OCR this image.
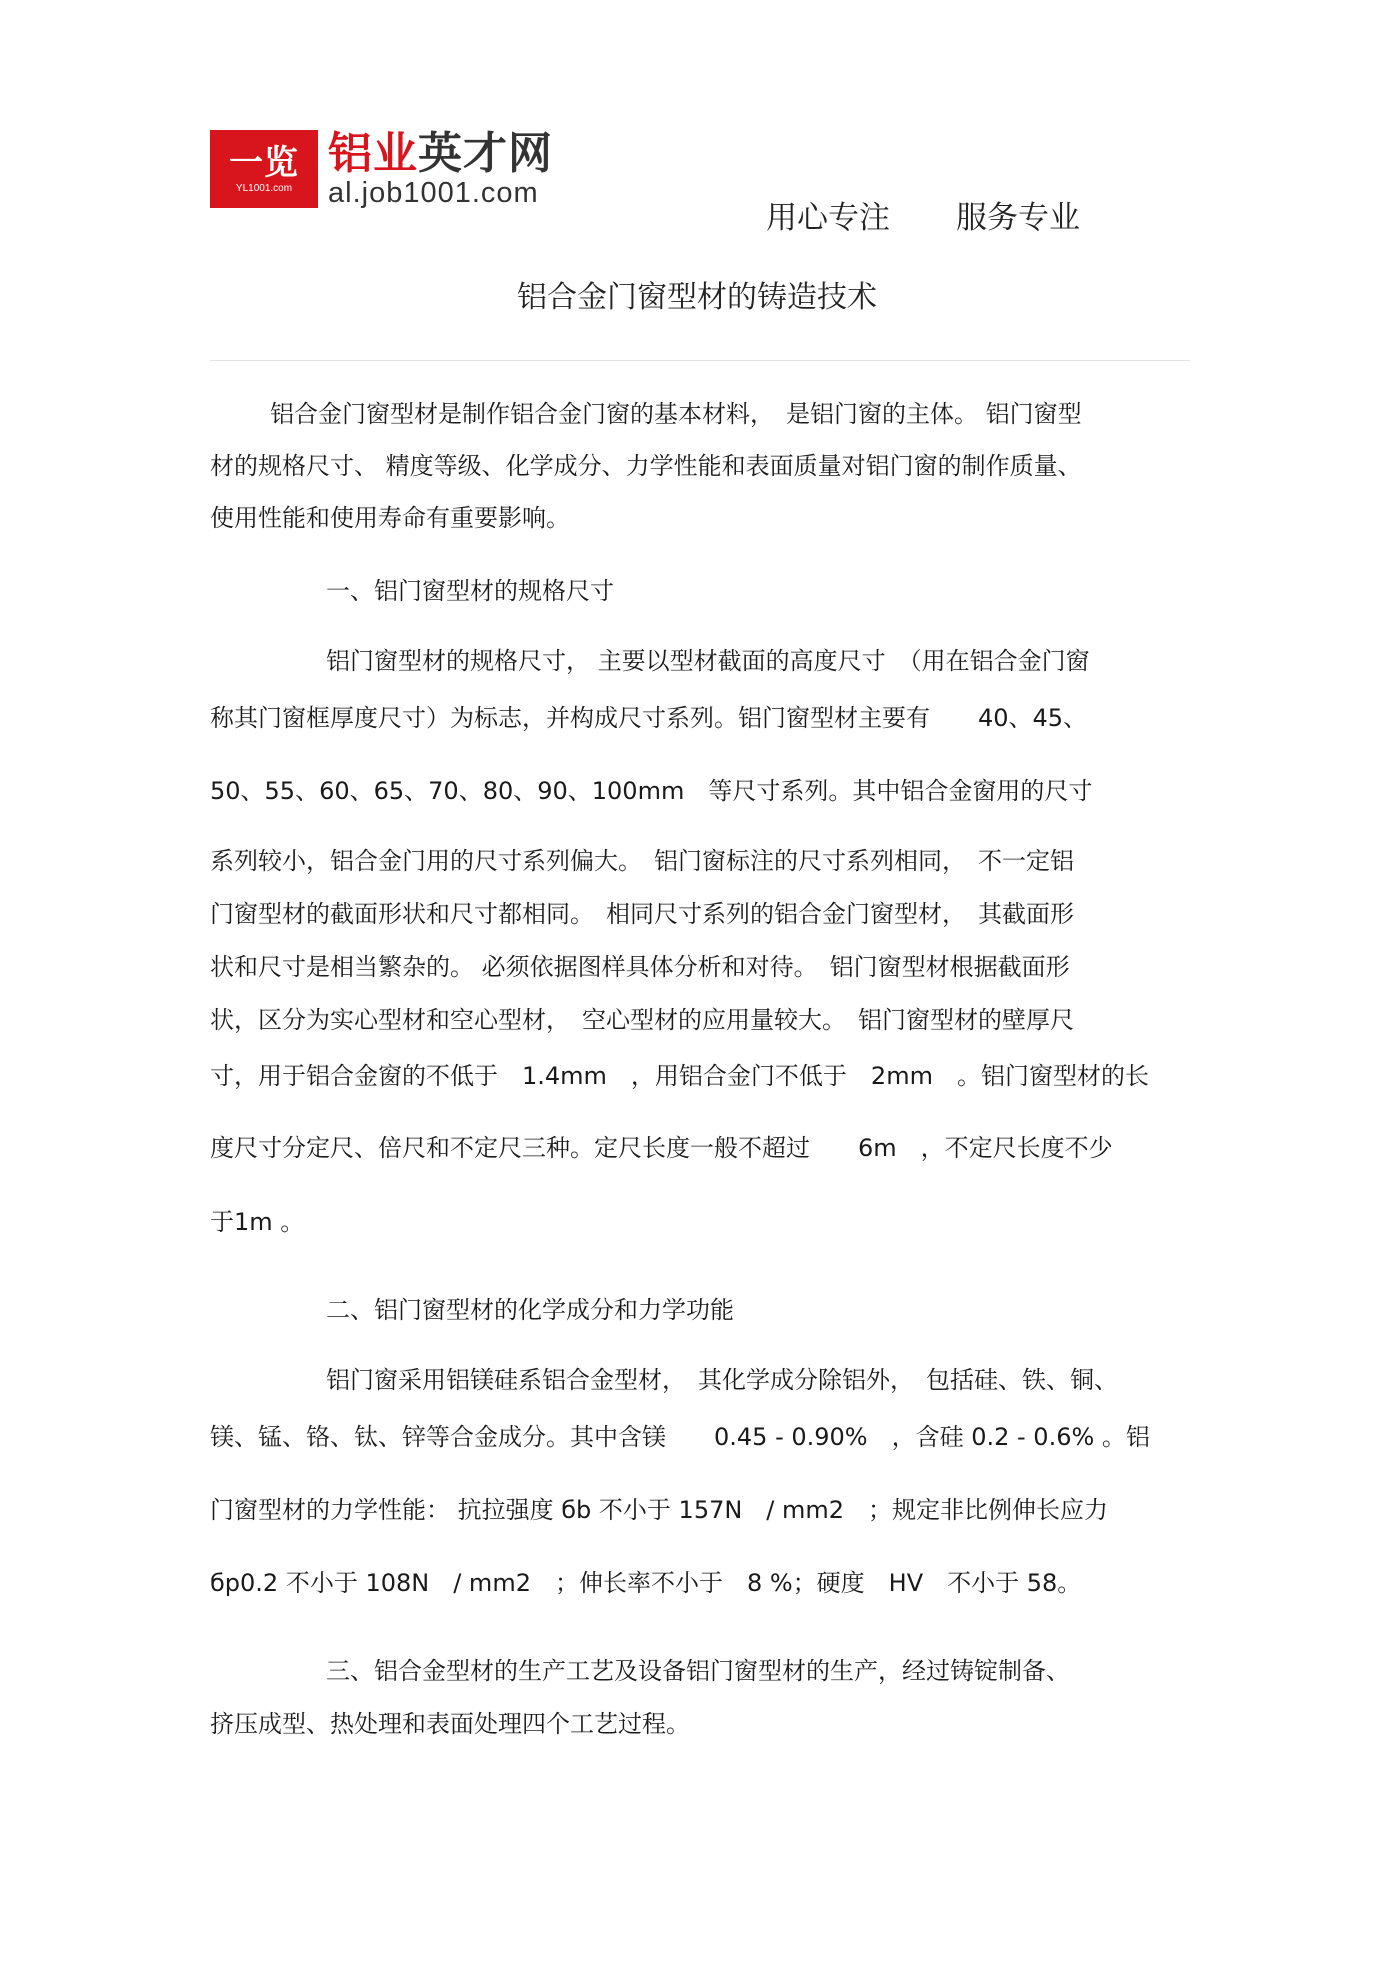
一览
YL1001.com
铝业英才网
al.job1001.com
用心专注 服务专业
铝合金门窗型材的铸造技术
铝合金门窗型材是制作铝合金门窗的基本材料，　是铝门窗的主体。 铝门窗型
材的规格尺寸、 精度等级、化学成分、力学性能和表面质量对铝门窗的制作质量、
使用性能和使用寿命有重要影响。
一、铝门窗型材的规格尺寸
铝门窗型材的规格尺寸， 主要以型材截面的高度尺寸　（用在铝合金门窗
称其门窗框厚度尺寸）为标志，并构成尺寸系列。铝门窗型材主要有　　40、45、
50、55、60、65、70、80、90、100mm　等尺寸系列。其中铝合金窗用的尺寸
系列较小，铝合金门用的尺寸系列偏大。　铝门窗标注的尺寸系列相同，　不一定铝
门窗型材的截面形状和尺寸都相同。　相同尺寸系列的铝合金门窗型材，　其截面形
状和尺寸是相当繁杂的。 必须依据图样具体分析和对待。　铝门窗型材根据截面形
状，区分为实心型材和空心型材，　空心型材的应用量较大。　铝门窗型材的壁厚尺
寸，用于铝合金窗的不低于　1.4mm　，用铝合金门不低于　2mm　。铝门窗型材的长
度尺寸分定尺、倍尺和不定尺三种。定尺长度一般不超过　　6m　，不定尺长度不少
于1m 。
二、铝门窗型材的化学成分和力学功能
铝门窗采用铝镁硅系铝合金型材，　其化学成分除铝外，　包括硅、铁、铜、
镁、锰、铬、钛、锌等合金成分。其中含镁　　0.45 - 0.90%　，含硅 0.2 - 0.6% 。铝
门窗型材的力学性能： 抗拉强度 бb 不小于 157N　/ mm2　；规定非比例伸长应力
бp0.2 不小于 108N　/ mm2　；伸长率不小于　8 %；硬度　HV　不小于 58。
三、铝合金型材的生产工艺及设备铝门窗型材的生产，经过铸锭制备、
挤压成型、热处理和表面处理四个工艺过程。
